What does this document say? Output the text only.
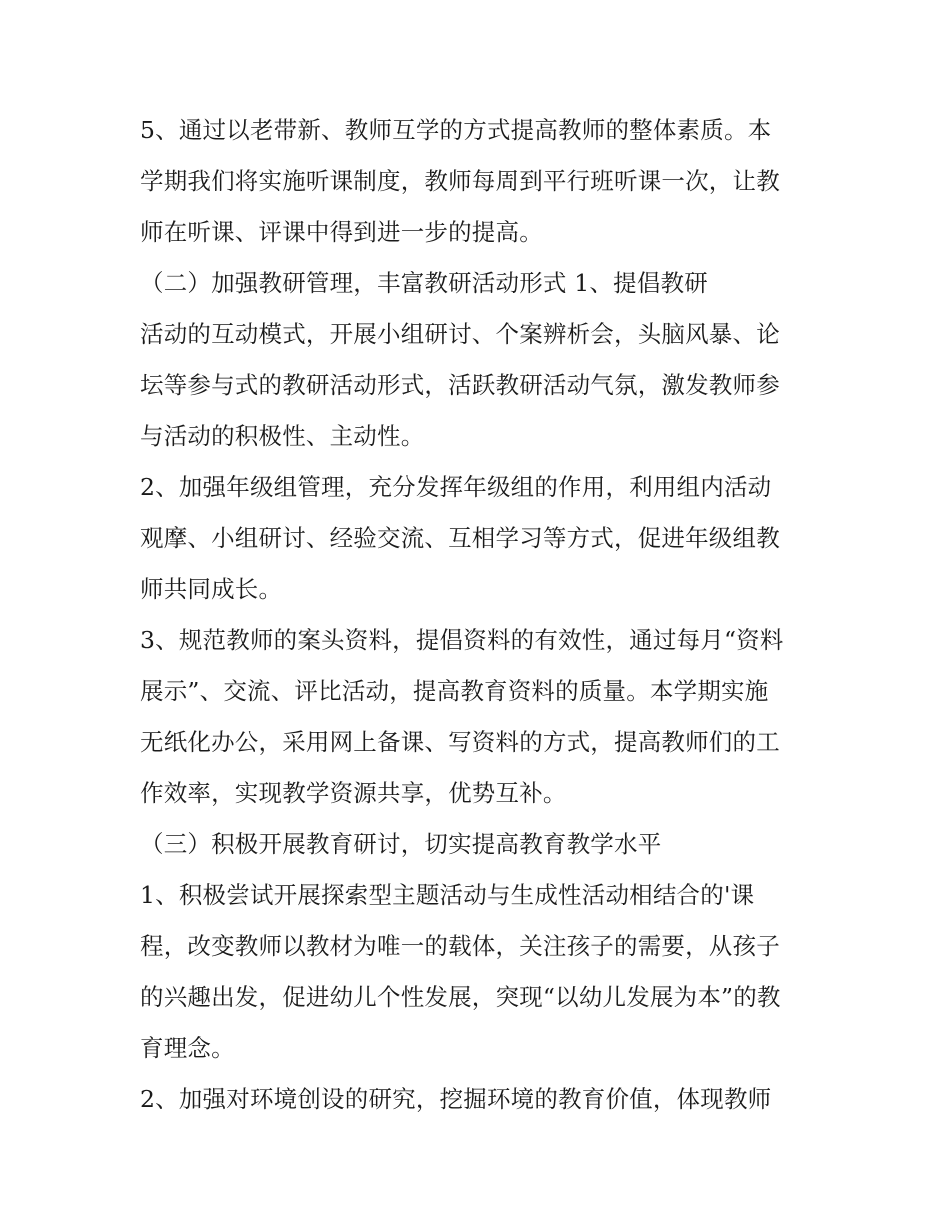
5、通过以老带新、教师互学的方式提高教师的整体素质。本
学期我们将实施听课制度，教师每周到平行班听课一次，让教
师在听课、评课中得到进一步的提高。
（二）加强教研管理，丰富教研活动形式 1、提倡教研
活动的互动模式，开展小组研讨、个案辨析会，头脑风暴、论
坛等参与式的教研活动形式，活跃教研活动气氛，激发教师参
与活动的积极性、主动性。
2、加强年级组管理，充分发挥年级组的作用，利用组内活动
观摩、小组研讨、经验交流、互相学习等方式，促进年级组教
师共同成长。
3、规范教师的案头资料，提倡资料的有效性，通过每月“资料
展示”、交流、评比活动，提高教育资料的质量。本学期实施
无纸化办公，采用网上备课、写资料的方式，提高教师们的工
作效率，实现教学资源共享，优势互补。
（三）积极开展教育研讨，切实提高教育教学水平
1、积极尝试开展探索型主题活动与生成性活动相结合的'课
程，改变教师以教材为唯一的载体，关注孩子的需要，从孩子
的兴趣出发，促进幼儿个性发展，突现“以幼儿发展为本”的教
育理念。
2、加强对环境创设的研究，挖掘环境的教育价值，体现教师
